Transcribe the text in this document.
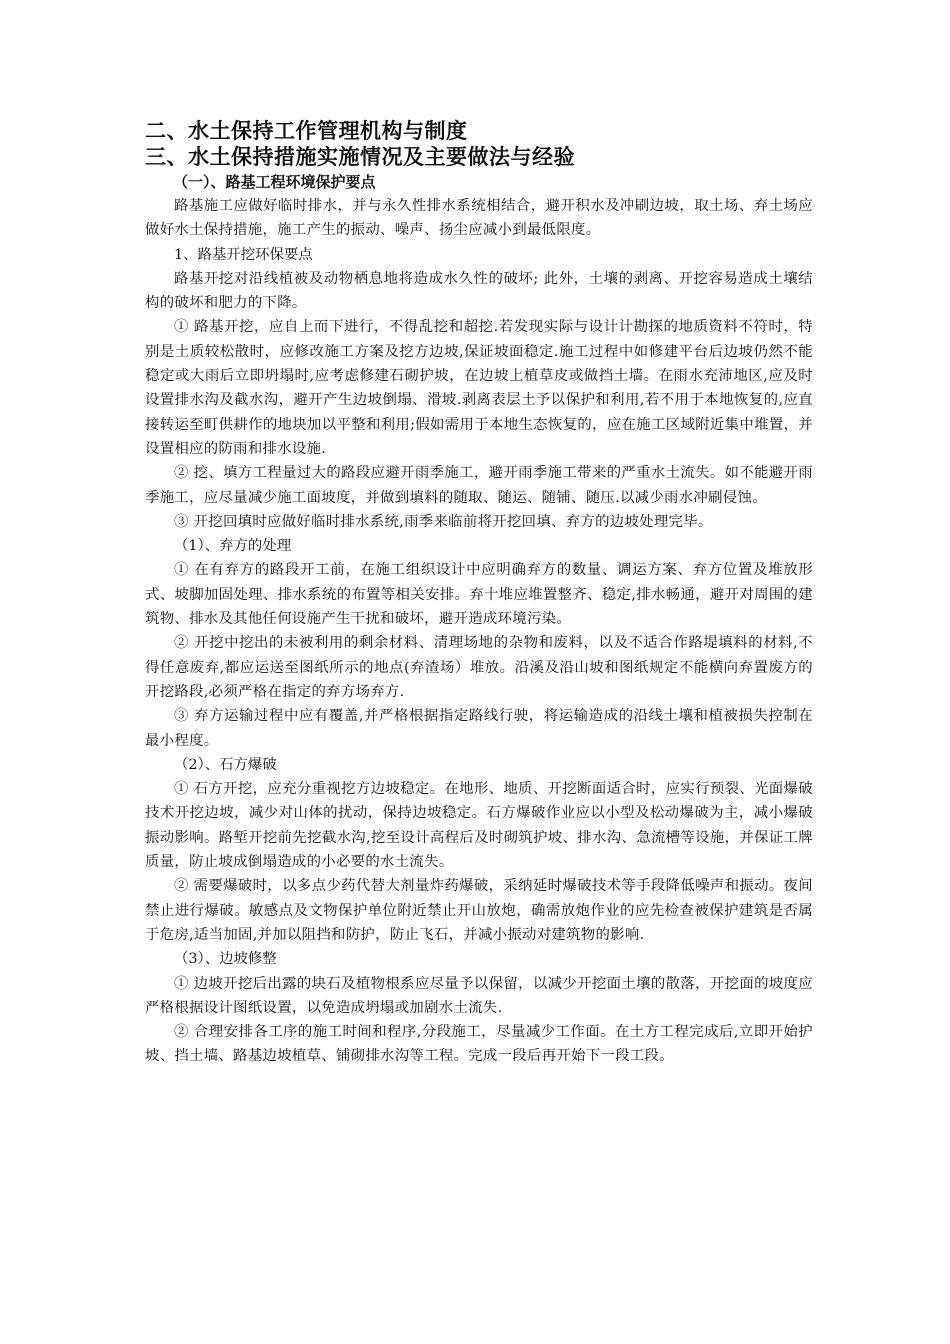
二、水土保持工作管理机构与制度
三、水土保持措施实施情况及主要做法与经验
（一）、路基工程环境保护要点

路基施工应做好临时排水，并与永久性排水系统相结合，避开积水及冲刷边坡，取土场、弃土场应做好水土保持措施，施工产生的振动、噪声、扬尘应减小到最低限度。

1、路基开挖环保要点

路基开挖对沿线植被及动物栖息地将造成水久性的破坏; 此外，土壤的剥离、开挖容易造成土壤结构的破坏和肥力的下降。

① 路基开挖，应自上而下进行，不得乱挖和超挖.若发现实际与设计计勘探的地质资料不符时，特别是土质较松散时，应修改施工方案及挖方边坡,保证坡面稳定.施工过程中如修建平台后边坡仍然不能稳定或大雨后立即坍塌时,应考虑修建石砌护坡，在边坡上植草皮或做挡土墙。在雨水充沛地区,应及时设置排水沟及截水沟，避开产生边坡倒塌、滑坡.剥离表层土予以保护和利用,若不用于本地恢复的,应直接转运至町供耕作的地块加以平整和利用;假如需用于本地生态恢复的，应在施工区域附近集中堆置，并设置相应的防雨和排水设施.

② 挖、填方工程量过大的路段应避开雨季施工，避开雨季施工带来的严重水土流失。如不能避开雨季施工，应尽量减少施工面坡度，并做到填料的随取、随运、随铺、随压.以减少雨水冲刷侵蚀。

③ 开挖回填时应做好临时排水系统,雨季来临前将开挖回填、弃方的边坡处理完毕。

（1）、弃方的处理

① 在有弃方的路段开工前，在施工组织设计中应明确弃方的数量、调运方案、弃方位置及堆放形式、坡脚加固处理、排水系统的布置等相关安排。弃十堆应堆置整齐、稳定,排水畅通，避开对周围的建筑物、排水及其他任何设施产生干扰和破坏，避开造成环境污染。

② 开挖中挖出的未被利用的剩余材料、清理场地的杂物和废料，以及不适合作路堤填料的材料,不得任意废弃,都应运送至图纸所示的地点(弃渣场）堆放。沿溪及沿山坡和图纸规定不能横向弃置废方的开挖路段,必须严格在指定的弃方场弃方.

③ 弃方运输过程中应有覆盖,并严格根据指定路线行驶，将运输造成的沿线土壤和植被损失控制在最小程度。

（2）、石方爆破

① 石方开挖，应充分重视挖方边坡稳定。在地形、地质、开挖断面适合时，应实行预裂、光面爆破技术开挖边坡，减少对山体的扰动，保持边坡稳定。石方爆破作业应以小型及松动爆破为主，减小爆破振动影响。路堑开挖前先挖截水沟,挖至设计高程后及时砌筑护坡、排水沟、急流槽等设施，并保证工牌质量，防止坡成倒塌造成的小必要的水土流失。

② 需要爆破时，以多点少药代替大剂量炸药爆破，采纳延时爆破技术等手段降低噪声和振动。夜间禁止进行爆破。敏感点及文物保护单位附近禁止开山放炮，确需放炮作业的应先检查被保护建筑是否属于危房,适当加固,并加以阻挡和防护，防止飞石，并减小振动对建筑物的影响.

（3）、边坡修整

① 边坡开挖后出露的块石及植物根系应尽量予以保留，以减少开挖面土壤的散落，开挖面的坡度应严格根据设计图纸设置，以免造成坍塌或加剧水土流失.

② 合理安排各工序的施工时间和程序,分段施工，尽量减少工作面。在土方工程完成后,立即开始护坡、挡土墙、路基边坡植草、铺砌排水沟等工程。完成一段后再开始下一段工段。
